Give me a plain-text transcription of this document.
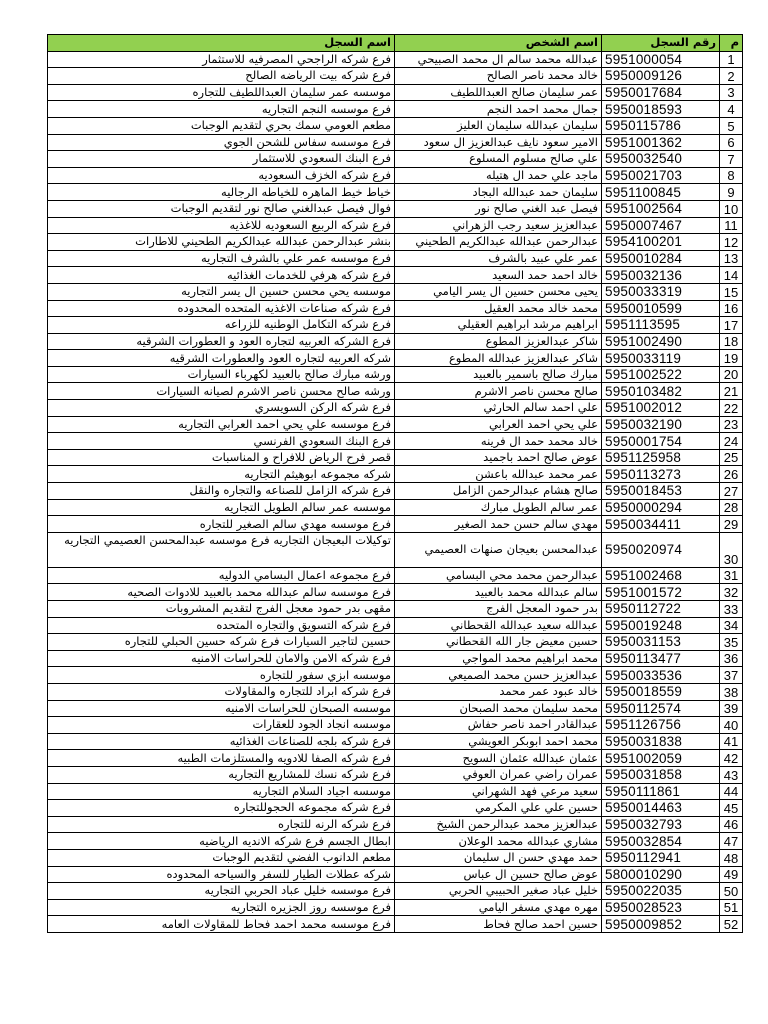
م	رقم السجل	اسم الشخص	اسم السجل
1	5951000054	عبدالله محمد سالم ال محمد الصبيحي	فرع شركه الراجحي المصرفيه للاستثمار
2	5950009126	خالد محمد ناصر الصالح	فرع شركه بيت الرياضه الصالح
3	5950017684	عمر سليمان صالح العبداللطيف	موسسه عمر سليمان العبداللطيف للتجاره
4	5950018593	جمال محمد احمد النجم	فرع موسسه النجم التجاريه
5	5950115786	سليمان عبدالله سليمان العليز	مطعم العومي سمك بحري لتقديم الوجبات
6	5951001362	الامير سعود نايف عبدالعزيز ال سعود	فرع موسسه سفاس للشحن الجوي
7	5950032540	علي صالح مسلوم المسلوع	فرع البنك السعودي للاستثمار
8	5950021703	ماجد علي حمد ال هتيله	فرع شركه الخزف السعوديه
9	5951100845	سليمان حمد عبدالله البجاد	خياط خيط الماهره للخياطه الرجاليه
10	5951002564	فيصل عبد الغني صالح نور	فوال فيصل عبدالغني صالح نور لتقديم الوجبات
11	5950007467	عبدالعزيز سعيد رجب الزهراني	فرع شركه الربيع السعوديه للاغذيه
12	5954100201	عبدالرحمن عبدالله عبدالكريم الطحيني	بنشر عبدالرحمن عبدالله عبدالكريم الطحيني للاطارات
13	5950010284	عمر علي عبيد بالشرف	فرع موسسه عمر علي بالشرف التجاريه
14	5950032136	خالد احمد حمد السعيد	فرع شركه هرفي للخدمات الغذائيه
15	5950033319	يحيى محسن حسين ال يسر اليامي	موسسه يحي محسن حسين ال يسر التجاريه
16	5950010599	محمد خالد محمد العقيل	فرع شركه صناعات الاغذيه المتحده المحدوده
17	5951113595	ابراهيم مرشد ابراهيم العقيلي	فرع شركه التكامل الوطنيه للزراعه
18	5951002490	شاكر عبدالعزيز المطوع	فرع الشركه العربيه لتجاره العود و العطورات الشرقيه
19	5950033119	شاكر عبدالعزيز عبدالله المطوع	شركه العربيه لتجاره العود والعطورات الشرقيه
20	5951002522	مبارك صالح باسمير بالعبيد	ورشه مبارك صالح بالعبيد لكهرباء السيارات
21	5950103482	صالح محسن ناصر الاشرم	ورشه صالح محسن ناصر الاشرم لصيانه السيارات
22	5951002012	علي احمد سالم الحارثي	فرع شركه الركن السويسري
23	5950032190	علي يحي احمد العرابي	فرع موسسه علي يحي احمد العرابي التجاريه
24	5950001754	خالد محمد حمد ال فرينه	فرع البنك السعودي الفرنسي
25	5951125958	عوض صالح احمد باجميد	قصر فرح الرياض للافراح و المناسبات
26	5950113273	عمر محمد عبدالله باعشن	شركه مجموعه ابوهيثم التجاريه
27	5950018453	صالح هشام عبدالرحمن الزامل	فرع شركه الزامل للصناعه والتجاره والنقل
28	5950000294	عمر سالم الطويل مبارك	موسسه عمر سالم الطويل التجاريه
29	5950034411	مهدي سالم حسن حمد الصغير	فرع موسسه مهدي سالم الصغير للتجاره
30	5950020974	عبدالمحسن بعيجان صنهات العصيمي	توكيلات البعيجان التجاريه فرع موسسه عبدالمحسن العصيمي التجاريه
31	5951002468	عبدالرحمن محمد محي البسامي	فرع مجموعه اعمال البسامي الدوليه
32	5951001572	سالم عبدالله محمد بالعبيد	فرع موسسه سالم عبدالله محمد بالعبيد للادوات الصحيه
33	5950112722	بدر حمود المعجل الفرج	مقهى بدر حمود معجل الفرج لتقديم المشروبات
34	5950019248	عبدالله سعيد عبدالله القحطاني	فرع شركه التسويق والتجاره المتحده
35	5950031153	حسين معيض جار الله القحطاني	حسين لتاجير السيارات فرع شركه حسين الحبلي للتجاره
36	5950113477	محمد ابراهيم محمد المواجي	فرع شركه الامن والامان للحراسات الامنيه
37	5950033536	عبدالعزيز حسن محمد الصميعي	موسسه ابزي سفور للتجاره
38	5950018559	خالد عبود عمر محمد	فرع شركه ابراد للتجاره والمقاولات
39	5950112574	محمد سليمان محمد الصبحان	موسسه الصبحان للحراسات الامنيه
40	5951126756	عبدالقادر احمد ناصر حفاش	موسسه انجاد الجود للعقارات
41	5950031838	محمد احمد ابوبكر العويشي	فرع شركه بلجه للصناعات الغذائيه
42	5951002059	عثمان عبدالله عثمان السويح	فرع شركه الصفا للادويه والمستلزمات الطبيه
43	5950031858	عمران راضي عمران العوفي	فرع شركه نسك للمشاريع التجاريه
44	5950111861	سعيد مرعي فهد الشهراني	موسسه اجياد السلام التجاريه
45	5950014463	حسين علي علي المكرمي	فرع شركه مجموعه الحجوللتجاره
46	5950032793	عبدالعزيز محمد عبدالرحمن الشيخ	فرع شركه الرنه للتجاره
47	5950032854	مشاري عبدالله محمد الوعلان	ابطال الجسم فرع شركه الانديه الرياضيه
48	5950112941	حمد مهدي حسن ال سليمان	مطعم الدانوب الفضي لتقديم الوجبات
49	5800010290	عوض صالح حسين ال عباس	شركه عطلات الطيار للسفر والسياحه المحدوده
50	5950022035	خليل عباد صغير الحبيبي الحربي	فرع موسسه خليل عباد الحربي التجاريه
51	5950028523	مهره مهدي مسفر اليامي	فرع موسسه روز الجزيره التجاريه
52	5950009852	حسين احمد صالح فحاط	فرع موسسه محمد احمد فحاط للمقاولات العامه
